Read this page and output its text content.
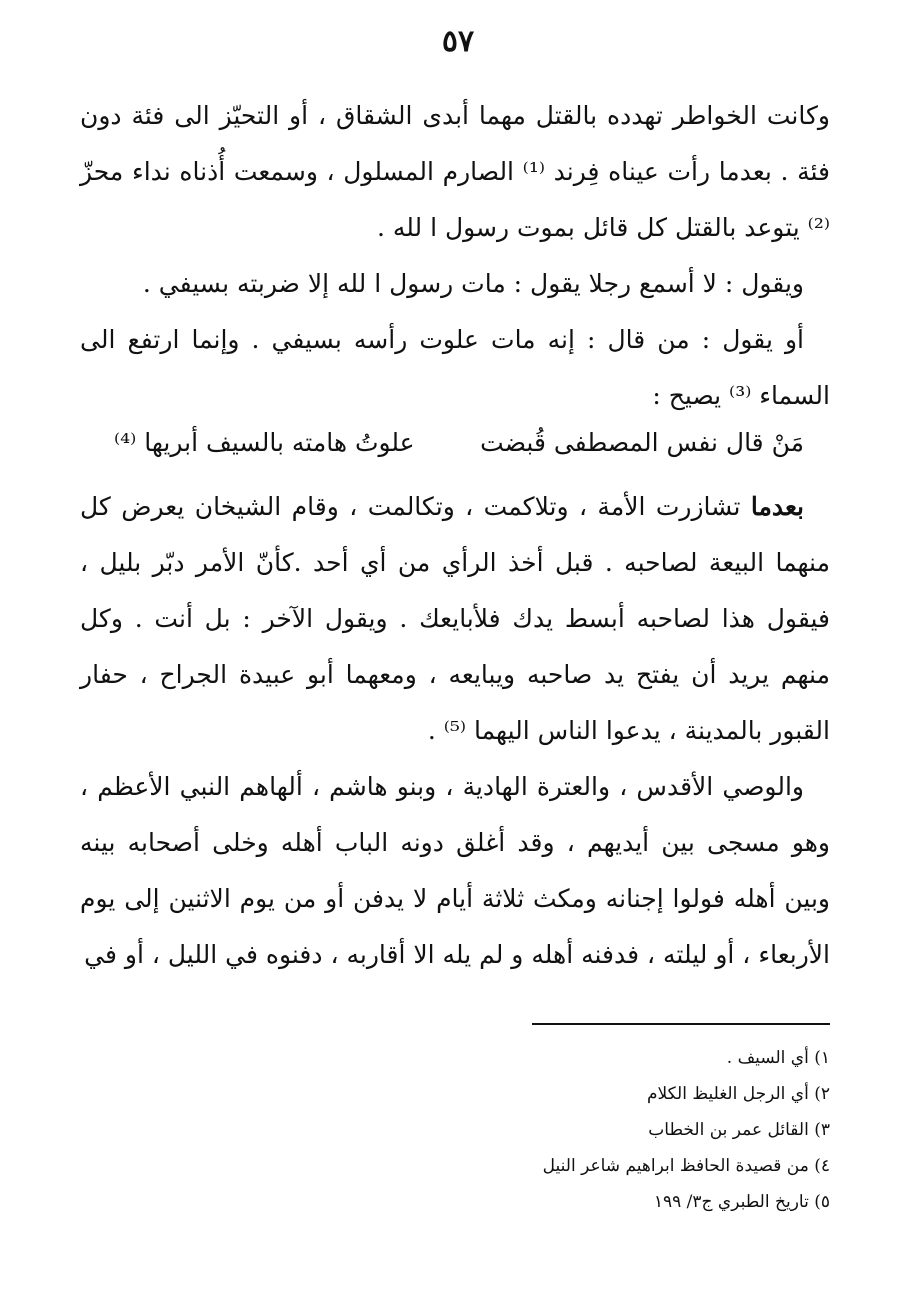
٥٧

وكانت الخواطر تهدده بالقتل مهما أبدى الشقاق ، أو التحيّز الى فئة دون فئة . بعدما رأت عيناه فِرند ⁽¹⁾ الصارم المسلول ، وسمعت أُذناه نداء محزّ ⁽²⁾ يتوعد بالقتل كل قائل بموت رسول ا لله .

ويقول : لا أسمع رجلا يقول : مات رسول ا لله إلا ضربته بسيفي .

أو يقول : من قال : إنه مات علوت رأسه بسيفي . وإنما ارتفع الى السماء ⁽³⁾ يصيح :

مَنْ قال نفس المصطفى قُبضت
علوتُ هامته بالسيف أبريها ⁽⁴⁾

بعدما تشازرت الأمة ، وتلاكمت ، وتكالمت ، وقام الشيخان يعرض كل منهما البيعة لصاحبه . قبل أخذ الرأي من أي أحد .كأنّ الأمر دبّر بليل ، فيقول هذا لصاحبه أبسط يدك فلأبايعك . ويقول الآخر : بل أنت . وكل منهم يريد أن يفتح يد صاحبه ويبايعه ، ومعهما أبو عبيدة الجراح ، حفار القبور بالمدينة ، يدعوا الناس اليهما ⁽⁵⁾ .

والوصي الأقدس ، والعترة الهادية ، وبنو هاشم ، ألهاهم النبي الأعظم ، وهو مسجى بين أيديهم ، وقد أغلق دونه الباب أهله وخلى أصحابه بينه وبين أهله فولوا إجنانه ومكث ثلاثة أيام لا يدفن أو من يوم الاثنين إلى يوم الأربعاء ، أو ليلته ، فدفنه أهله و لم يله الا أقاربه ، دفنوه في الليل ، أو في

١) أي السيف .

٢) أي الرجل الغليظ الكلام

٣) القائل عمر بن الخطاب

٤) من قصيدة الحافظ ابراهيم شاعر النيل

٥) تاريخ الطبري ج٣/ ١٩٩
